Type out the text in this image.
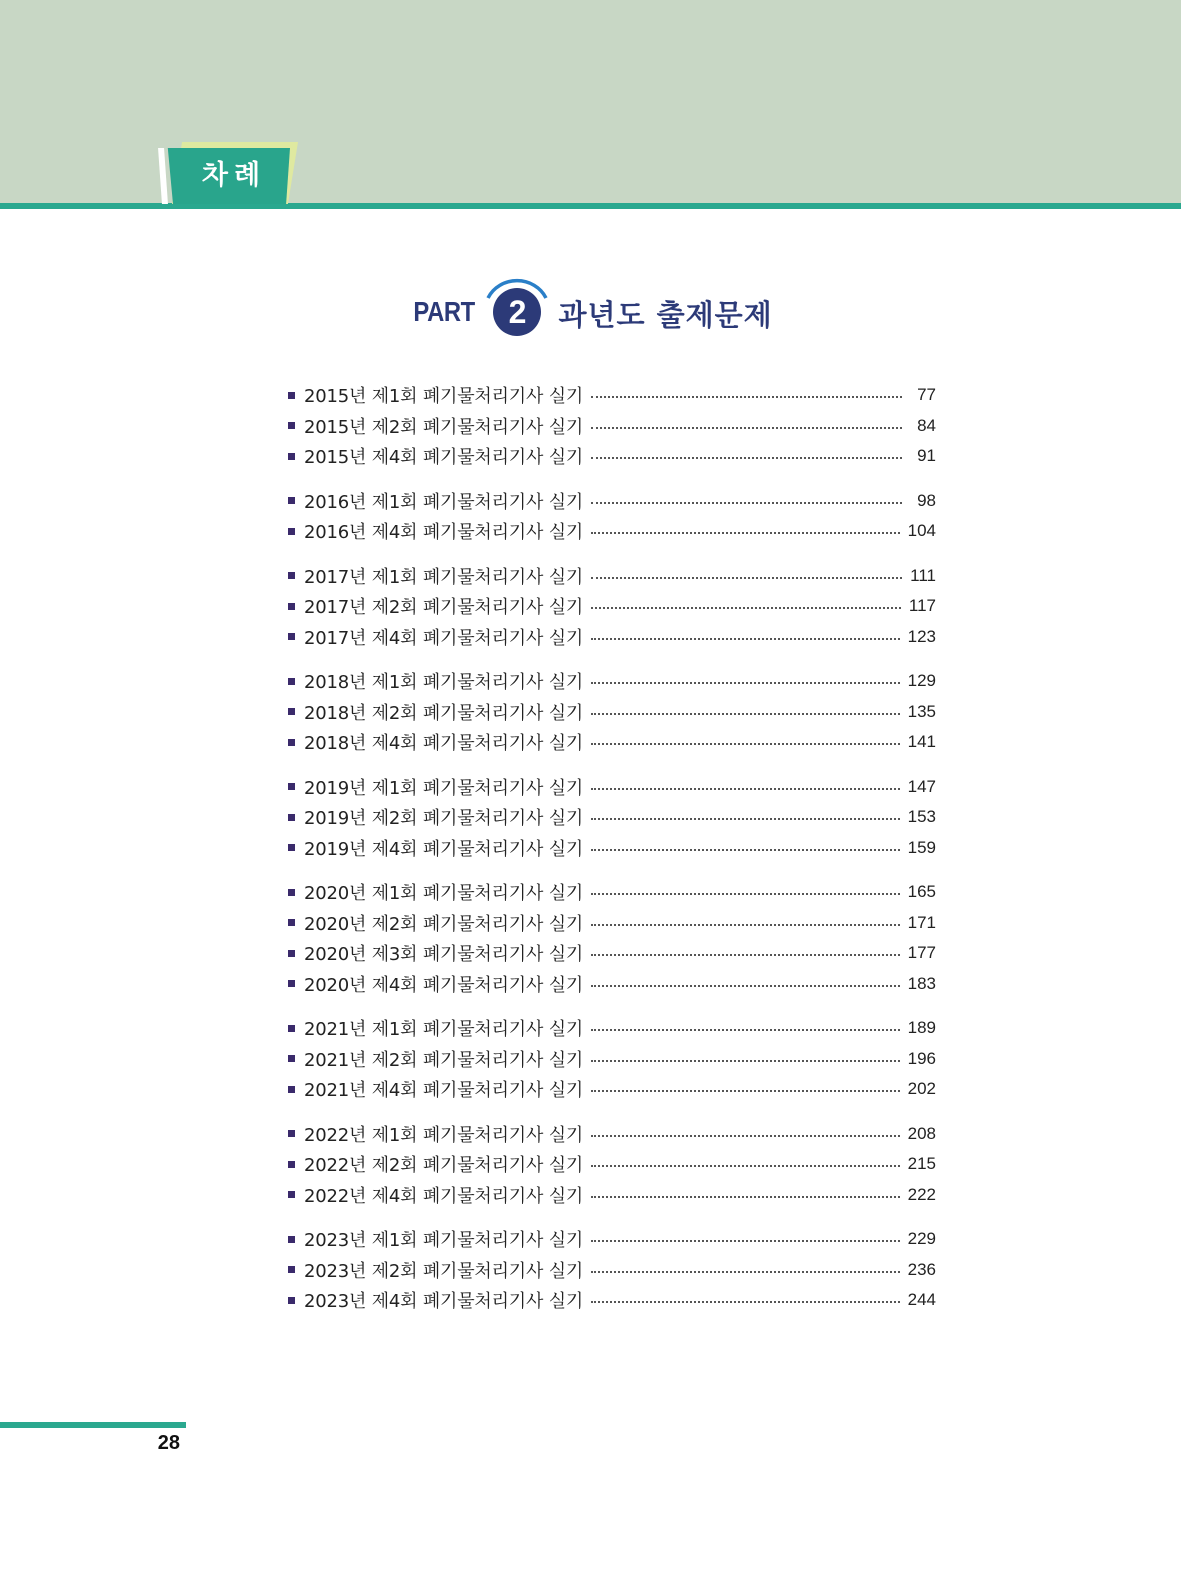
차례
PART	2	과년도 출제문제
2015년 제1회 폐기물처리기사 실기	77
2015년 제2회 폐기물처리기사 실기	84
2015년 제4회 폐기물처리기사 실기	91
2016년 제1회 폐기물처리기사 실기	98
2016년 제4회 폐기물처리기사 실기	104
2017년 제1회 폐기물처리기사 실기	111
2017년 제2회 폐기물처리기사 실기	117
2017년 제4회 폐기물처리기사 실기	123
2018년 제1회 폐기물처리기사 실기	129
2018년 제2회 폐기물처리기사 실기	135
2018년 제4회 폐기물처리기사 실기	141
2019년 제1회 폐기물처리기사 실기	147
2019년 제2회 폐기물처리기사 실기	153
2019년 제4회 폐기물처리기사 실기	159
2020년 제1회 폐기물처리기사 실기	165
2020년 제2회 폐기물처리기사 실기	171
2020년 제3회 폐기물처리기사 실기	177
2020년 제4회 폐기물처리기사 실기	183
2021년 제1회 폐기물처리기사 실기	189
2021년 제2회 폐기물처리기사 실기	196
2021년 제4회 폐기물처리기사 실기	202
2022년 제1회 폐기물처리기사 실기	208
2022년 제2회 폐기물처리기사 실기	215
2022년 제4회 폐기물처리기사 실기	222
2023년 제1회 폐기물처리기사 실기	229
2023년 제2회 폐기물처리기사 실기	236
2023년 제4회 폐기물처리기사 실기	244
28
